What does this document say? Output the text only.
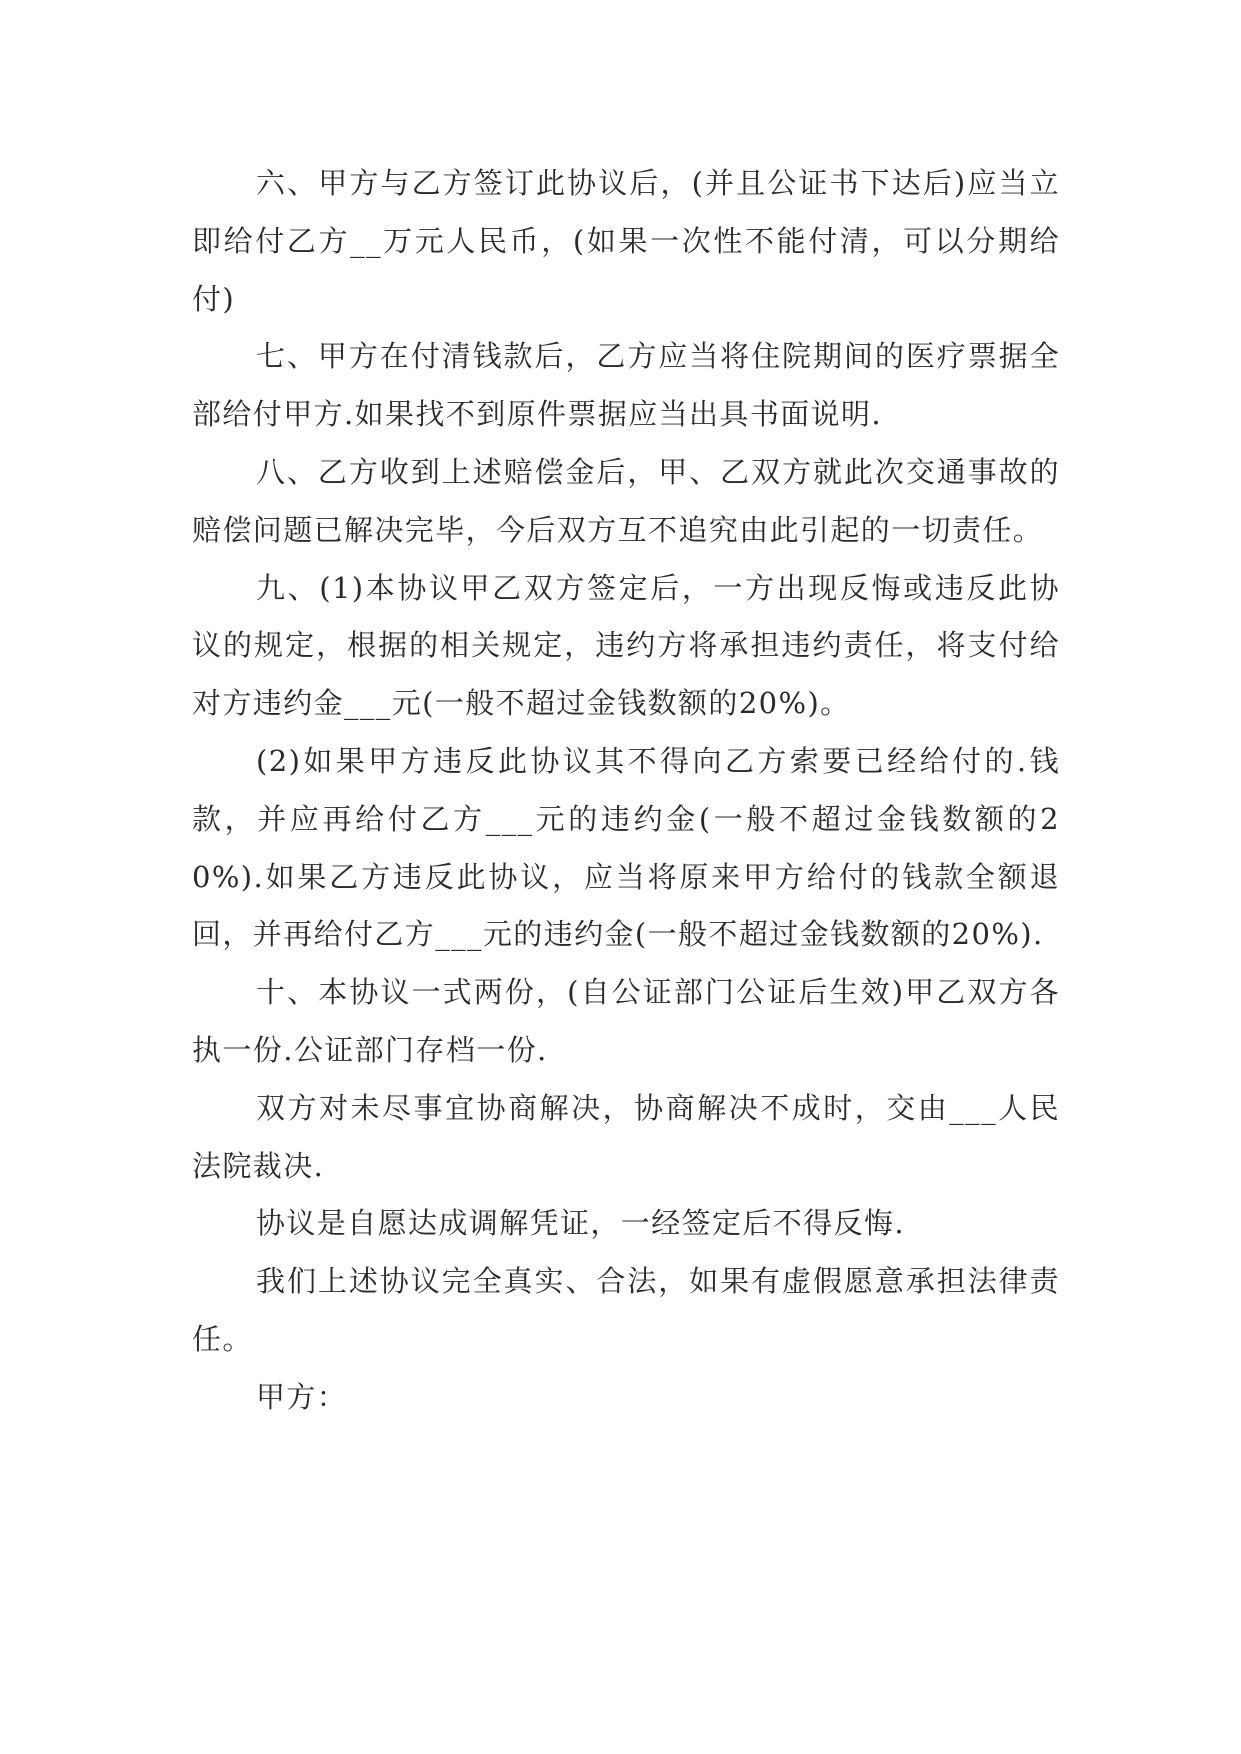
六、甲方与乙方签订此协议后，(并且公证书下达后)应当立即给付乙方__万元人民币，(如果一次性不能付清，可以分期给付)

七、甲方在付清钱款后，乙方应当将住院期间的医疗票据全部给付甲方.如果找不到原件票据应当出具书面说明.

八、乙方收到上述赔偿金后，甲、乙双方就此次交通事故的赔偿问题已解决完毕，今后双方互不追究由此引起的一切责任。

九、(1)本协议甲乙双方签定后，一方出现反悔或违反此协议的规定，根据的相关规定，违约方将承担违约责任，将支付给对方违约金___元(一般不超过金钱数额的20%)。

(2)如果甲方违反此协议其不得向乙方索要已经给付的.钱款，并应再给付乙方___元的违约金(一般不超过金钱数额的20%).如果乙方违反此协议，应当将原来甲方给付的钱款全额退回，并再给付乙方___元的违约金(一般不超过金钱数额的20%).

十、本协议一式两份，(自公证部门公证后生效)甲乙双方各执一份.公证部门存档一份.

双方对未尽事宜协商解决，协商解决不成时，交由___人民法院裁决.

协议是自愿达成调解凭证，一经签定后不得反悔.

我们上述协议完全真实、合法，如果有虚假愿意承担法律责任。

甲方：
